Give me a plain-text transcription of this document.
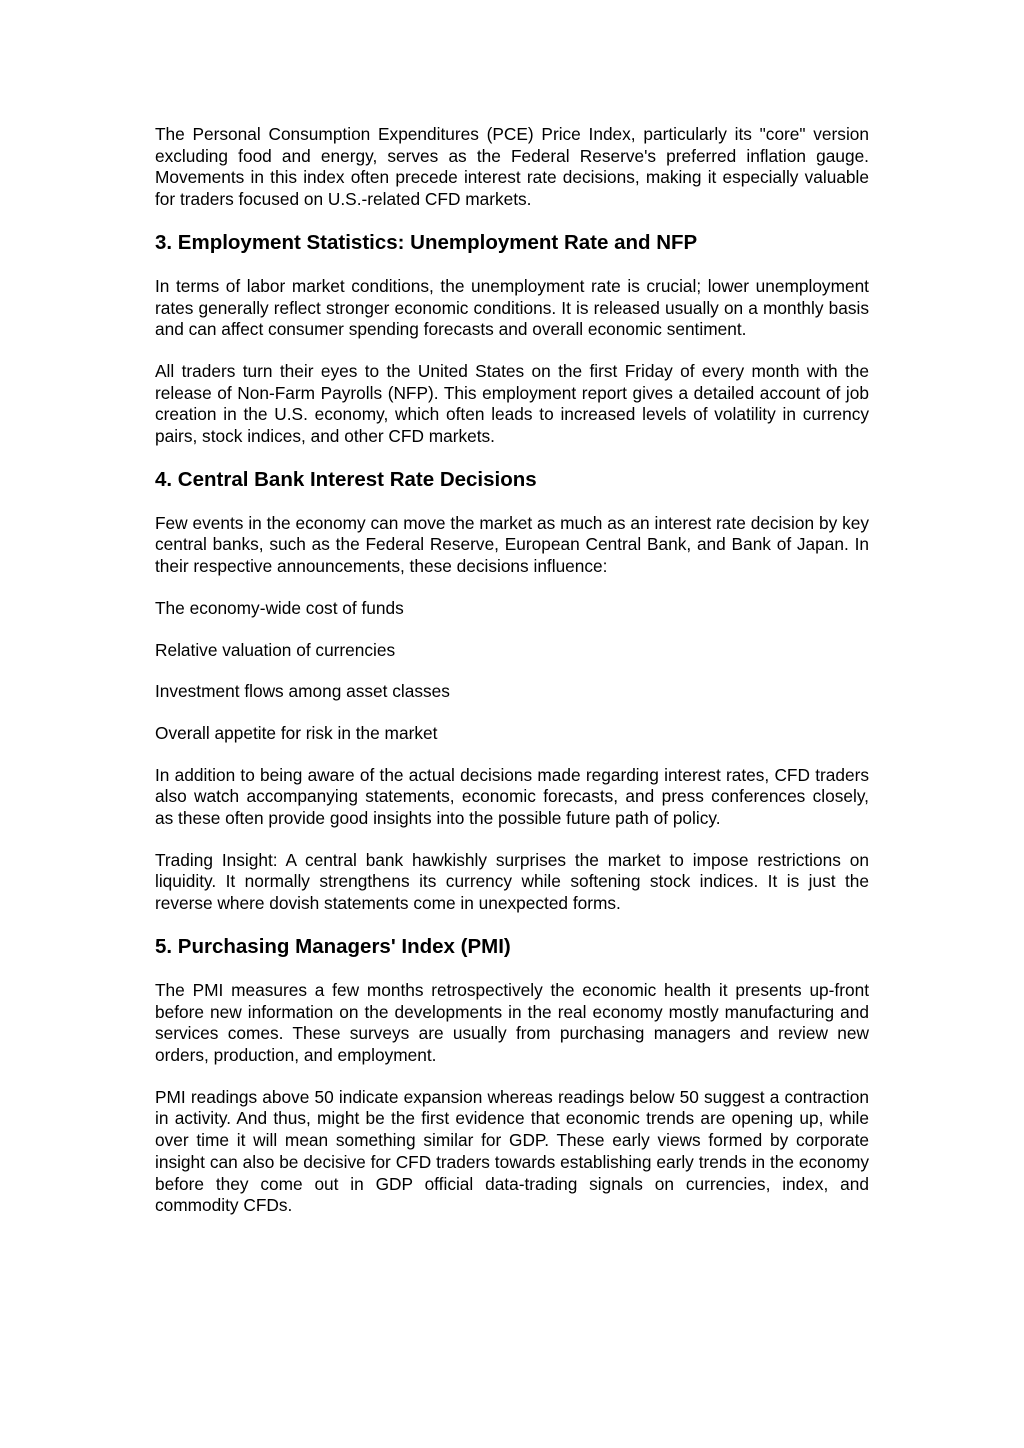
The Personal Consumption Expenditures (PCE) Price Index, particularly its "core" version excluding food and energy, serves as the Federal Reserve's preferred inflation gauge. Movements in this index often precede interest rate decisions, making it especially valuable for traders focused on U.S.-related CFD markets.

3. Employment Statistics: Unemployment Rate and NFP

In terms of labor market conditions, the unemployment rate is crucial; lower unemployment rates generally reflect stronger economic conditions. It is released usually on a monthly basis and can affect consumer spending forecasts and overall economic sentiment.

All traders turn their eyes to the United States on the first Friday of every month with the release of Non-Farm Payrolls (NFP). This employment report gives a detailed account of job creation in the U.S. economy, which often leads to increased levels of volatility in currency pairs, stock indices, and other CFD markets.

4. Central Bank Interest Rate Decisions

Few events in the economy can move the market as much as an interest rate decision by key central banks, such as the Federal Reserve, European Central Bank, and Bank of Japan. In their respective announcements, these decisions influence:

The economy-wide cost of funds

Relative valuation of currencies

Investment flows among asset classes

Overall appetite for risk in the market

In addition to being aware of the actual decisions made regarding interest rates, CFD traders also watch accompanying statements, economic forecasts, and press conferences closely, as these often provide good insights into the possible future path of policy.

Trading Insight: A central bank hawkishly surprises the market to impose restrictions on liquidity. It normally strengthens its currency while softening stock indices. It is just the reverse where dovish statements come in unexpected forms.

5. Purchasing Managers' Index (PMI)

The PMI measures a few months retrospectively the economic health it presents up-front before new information on the developments in the real economy mostly manufacturing and services comes. These surveys are usually from purchasing managers and review new orders, production, and employment.

PMI readings above 50 indicate expansion whereas readings below 50 suggest a contraction in activity. And thus, might be the first evidence that economic trends are opening up, while over time it will mean something similar for GDP. These early views formed by corporate insight can also be decisive for CFD traders towards establishing early trends in the economy before they come out in GDP official data-trading signals on currencies, index, and commodity CFDs.
